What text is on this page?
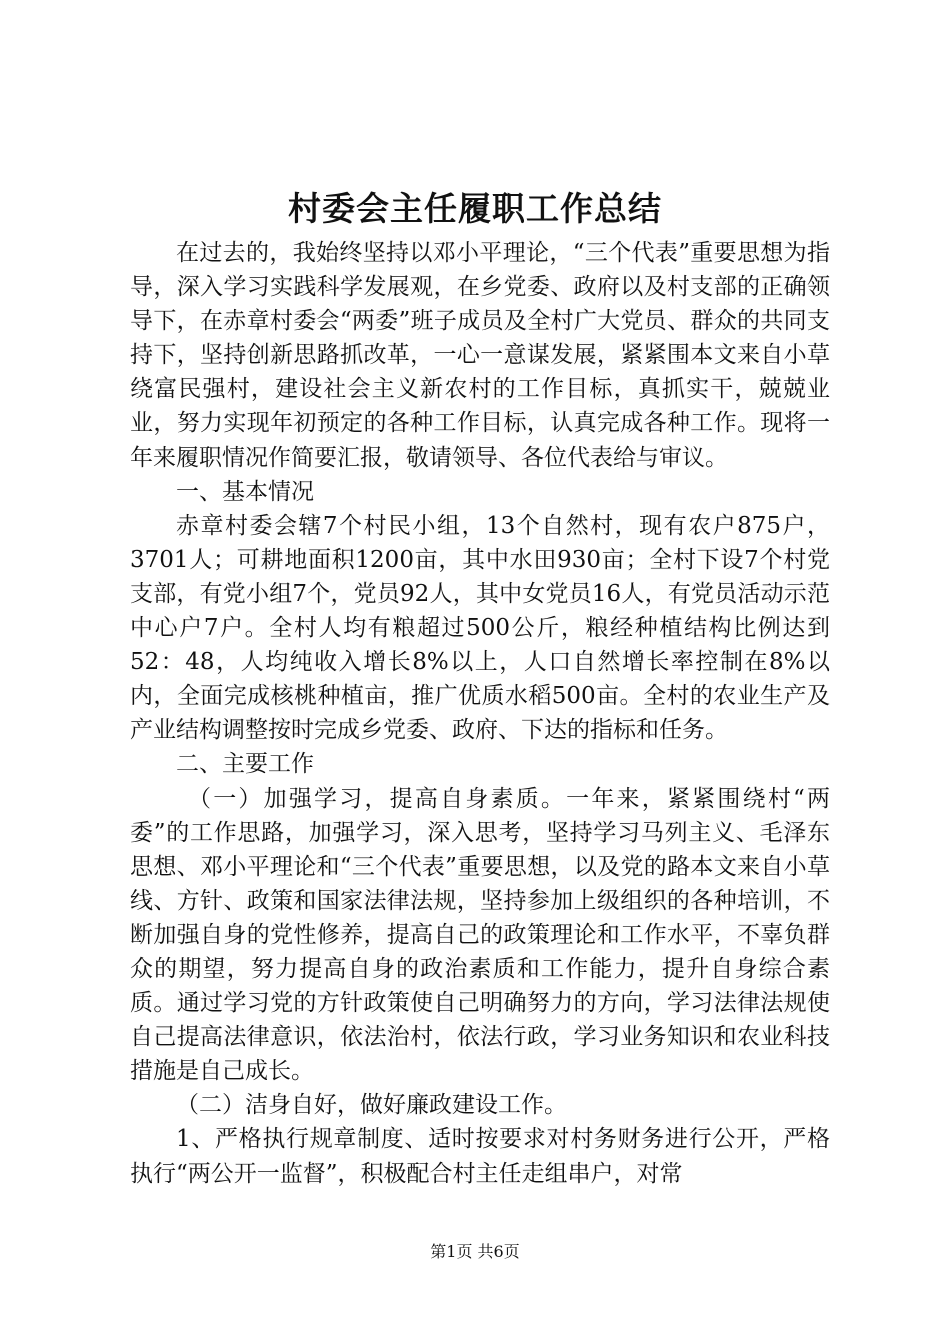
村委会主任履职工作总结

在过去的，我始终坚持以邓小平理论，“三个代表”重要思想为指导，深入学习实践科学发展观，在乡党委、政府以及村支部的正确领导下，在赤章村委会“两委”班子成员及全村广大党员、群众的共同支持下，坚持创新思路抓改革，一心一意谋发展，紧紧围本文来自小草绕富民强村，建设社会主义新农村的工作目标，真抓实干，兢兢业业，努力实现年初预定的各种工作目标，认真完成各种工作。现将一年来履职情况作简要汇报，敬请领导、各位代表给与审议。

一、基本情况

赤章村委会辖7个村民小组，13个自然村，现有农户875户，3701人；可耕地面积1200亩，其中水田930亩；全村下设7个村党支部，有党小组7个，党员92人，其中女党员16人，有党员活动示范中心户7户。全村人均有粮超过500公斤，粮经种植结构比例达到52：48，人均纯收入增长8%以上，人口自然增长率控制在8%以内，全面完成核桃种植亩，推广优质水稻500亩。全村的农业生产及产业结构调整按时完成乡党委、政府、下达的指标和任务。

二、主要工作

（一）加强学习，提高自身素质。一年来，紧紧围绕村“两委”的工作思路，加强学习，深入思考，坚持学习马列主义、毛泽东思想、邓小平理论和“三个代表”重要思想，以及党的路本文来自小草线、方针、政策和国家法律法规，坚持参加上级组织的各种培训，不断加强自身的党性修养，提高自己的政策理论和工作水平，不辜负群众的期望，努力提高自身的政治素质和工作能力，提升自身综合素质。通过学习党的方针政策使自己明确努力的方向，学习法律法规使自己提高法律意识，依法治村，依法行政，学习业务知识和农业科技措施是自己成长。

（二）洁身自好，做好廉政建设工作。

1、严格执行规章制度、适时按要求对村务财务进行公开，严格执行“两公开一监督”，积极配合村主任走组串户，对常

第1页 共6页
